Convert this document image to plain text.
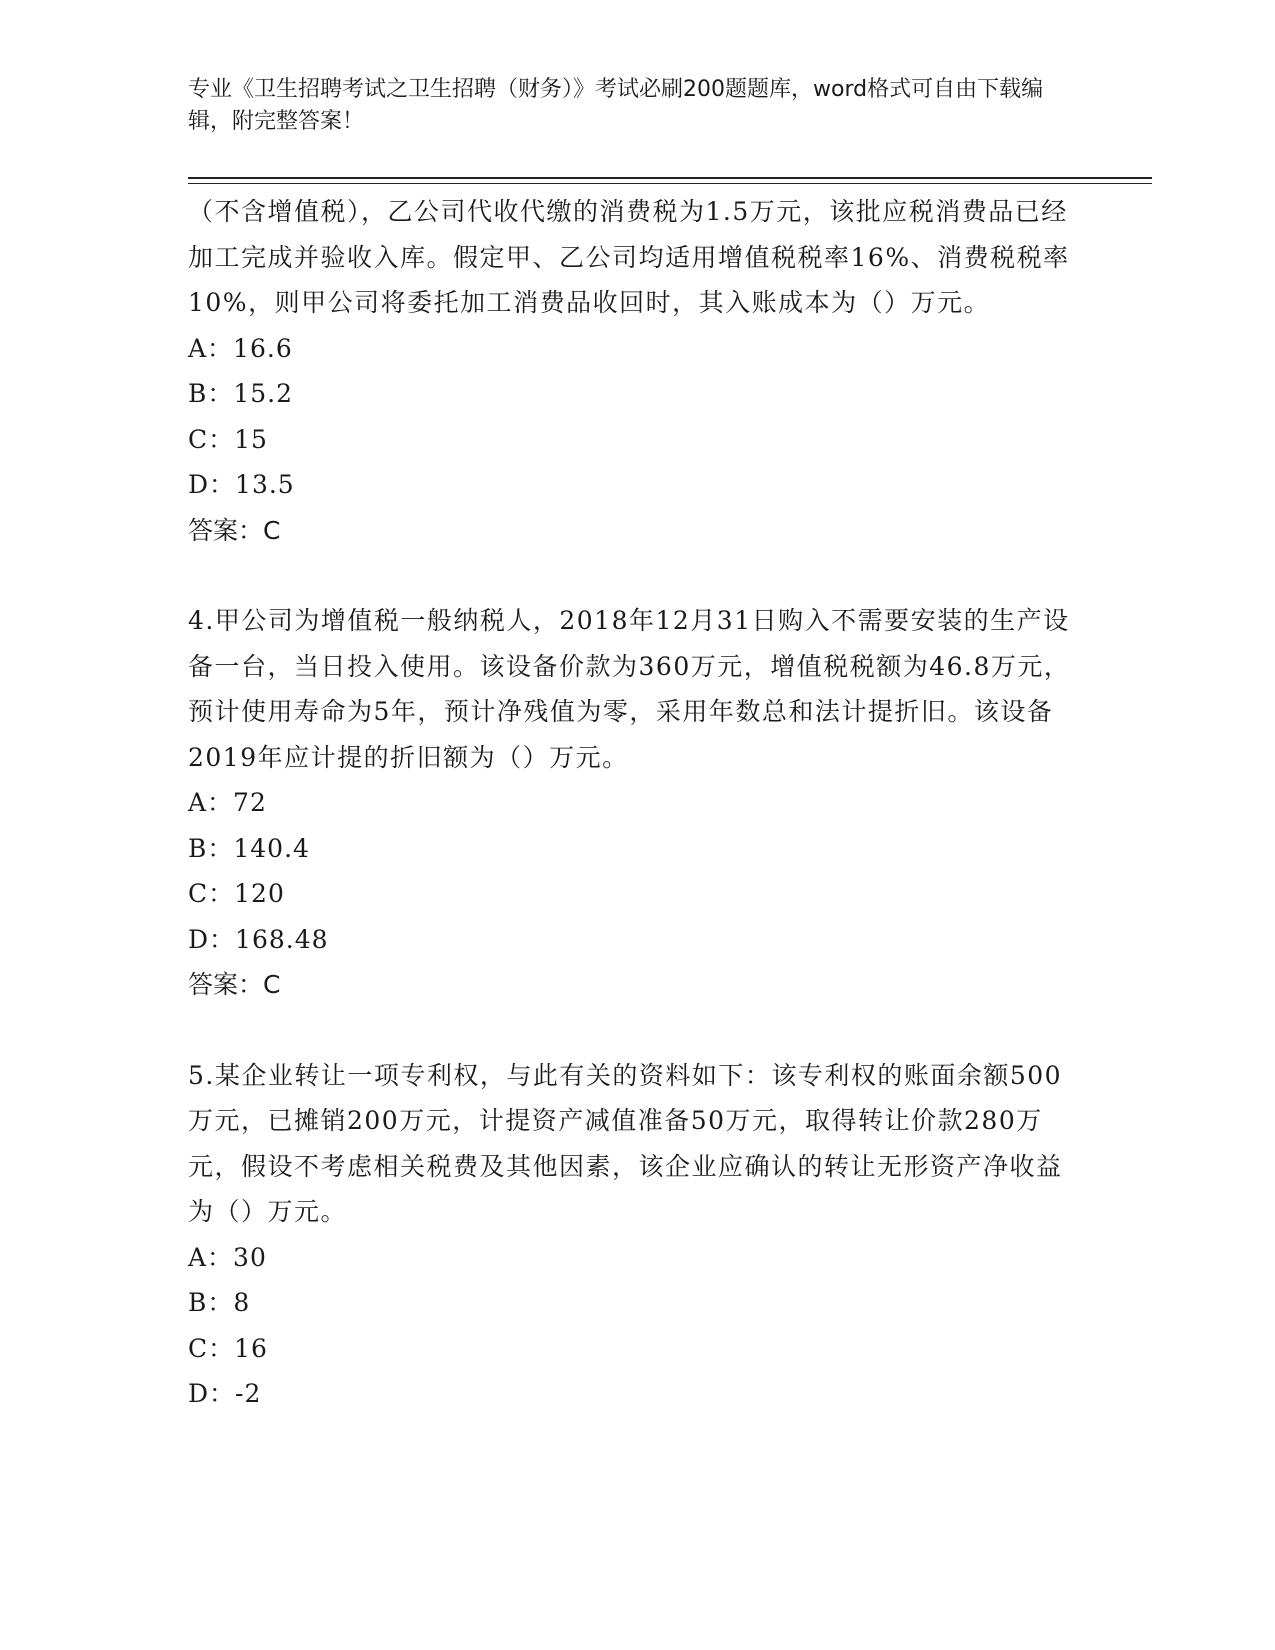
专业《卫生招聘考试之卫生招聘（财务）》考试必刷200题题库，word格式可自由下载编辑，附完整答案！

（不含增值税），乙公司代收代缴的消费税为1.5万元，该批应税消费品已经加工完成并验收入库。假定甲、乙公司均适用增值税税率16%、消费税税率10%，则甲公司将委托加工消费品收回时，其入账成本为（）万元。

A：16.6

B：15.2

C：15

D：13.5

答案：C

4.甲公司为增值税一般纳税人，2018年12月31日购入不需要安装的生产设备一台，当日投入使用。该设备价款为360万元，增值税税额为46.8万元，预计使用寿命为5年，预计净残值为零，采用年数总和法计提折旧。该设备2019年应计提的折旧额为（）万元。

A：72

B：140.4

C：120

D：168.48

答案：C

5.某企业转让一项专利权，与此有关的资料如下：该专利权的账面余额500万元，已摊销200万元，计提资产减值准备50万元，取得转让价款280万元，假设不考虑相关税费及其他因素，该企业应确认的转让无形资产净收益为（）万元。

A：30

B：8

C：16

D：-2
